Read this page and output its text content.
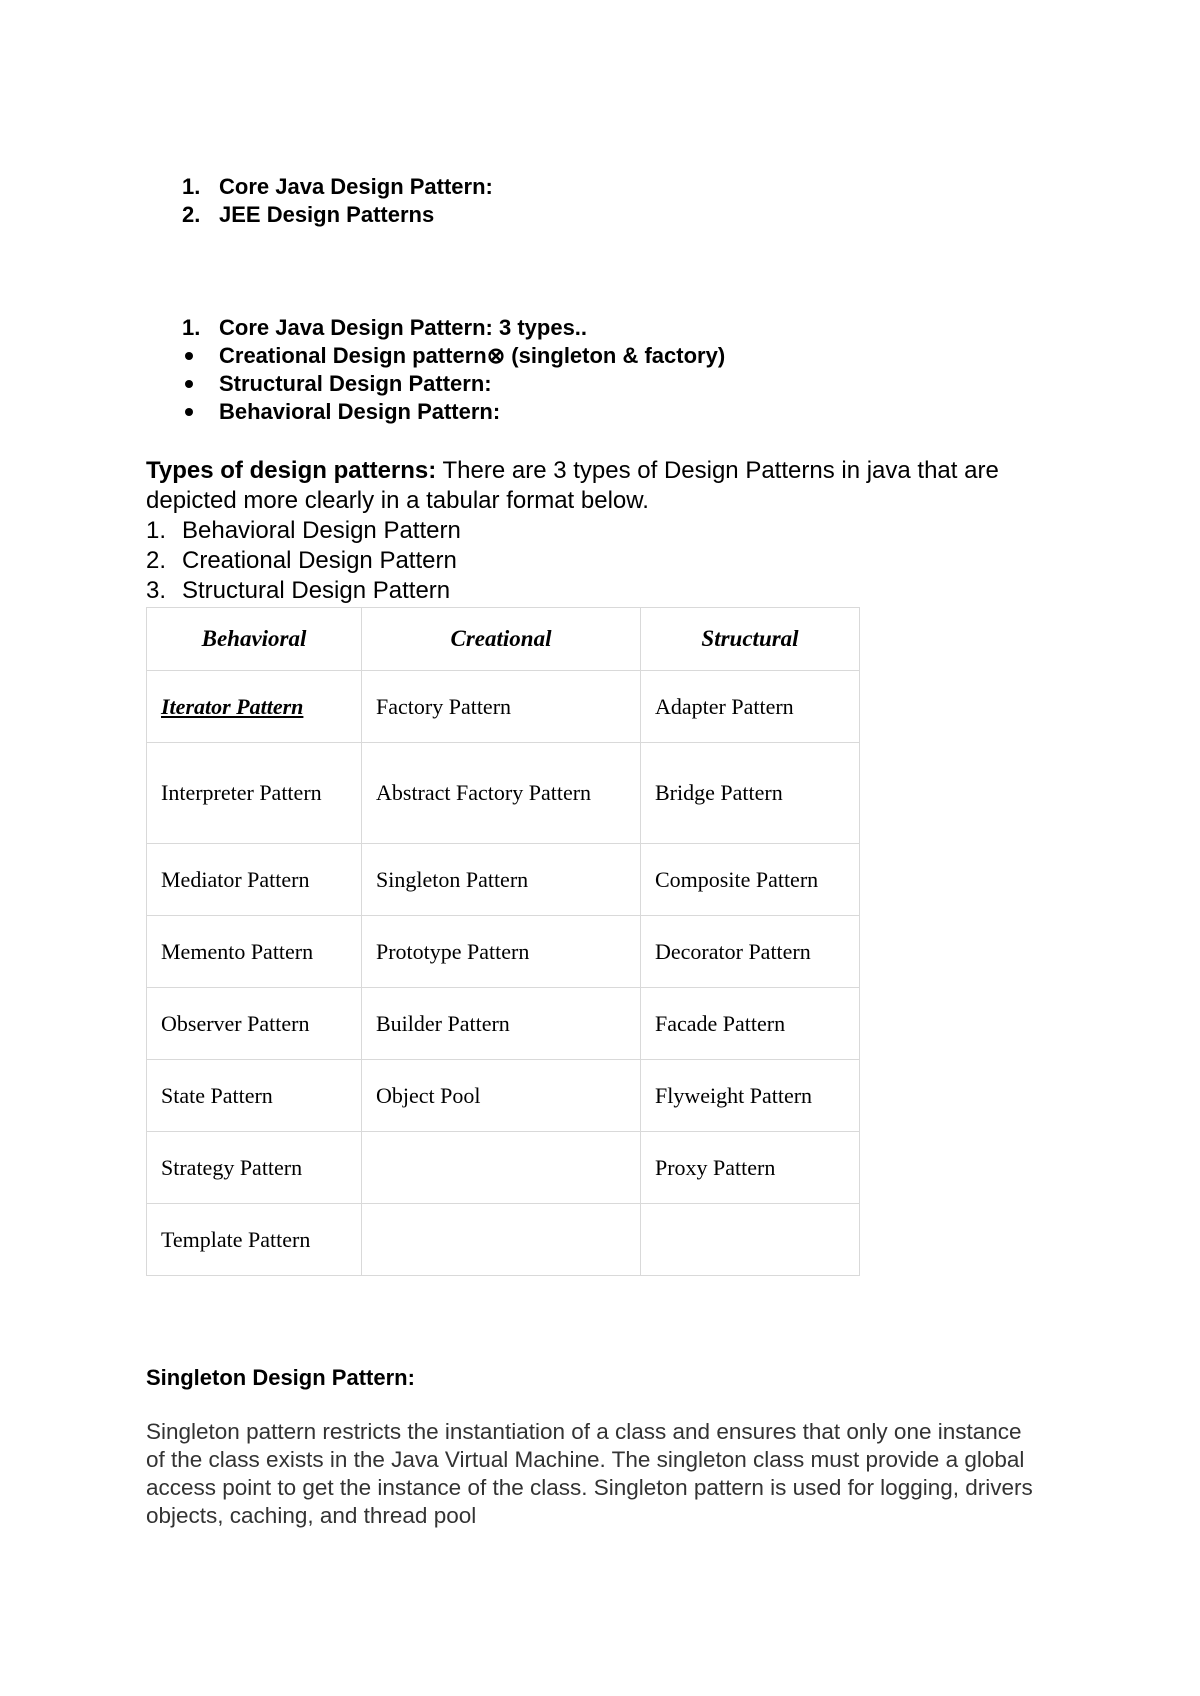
1. Core Java Design Pattern:
2. JEE Design Patterns
1. Core Java Design Pattern: 3 types..
Creational Design pattern⊗ (singleton & factory)
Structural Design Pattern:
Behavioral Design Pattern:
Types of design patterns: There are 3 types of Design Patterns in java that are depicted more clearly in a tabular format below.
1. Behavioral Design Pattern
2. Creational Design Pattern
3. Structural Design Pattern
Behavioral	Creational	Structural
Iterator Pattern	Factory Pattern	Adapter Pattern
Interpreter Pattern	Abstract Factory Pattern	Bridge Pattern
Mediator Pattern	Singleton Pattern	Composite Pattern
Memento Pattern	Prototype Pattern	Decorator Pattern
Observer Pattern	Builder Pattern	Facade Pattern
State Pattern	Object Pool	Flyweight Pattern
Strategy Pattern		Proxy Pattern
Template Pattern		
Singleton Design Pattern:
Singleton pattern restricts the instantiation of a class and ensures that only one instance of the class exists in the Java Virtual Machine. The singleton class must provide a global access point to get the instance of the class. Singleton pattern is used for logging, drivers objects, caching, and thread pool
